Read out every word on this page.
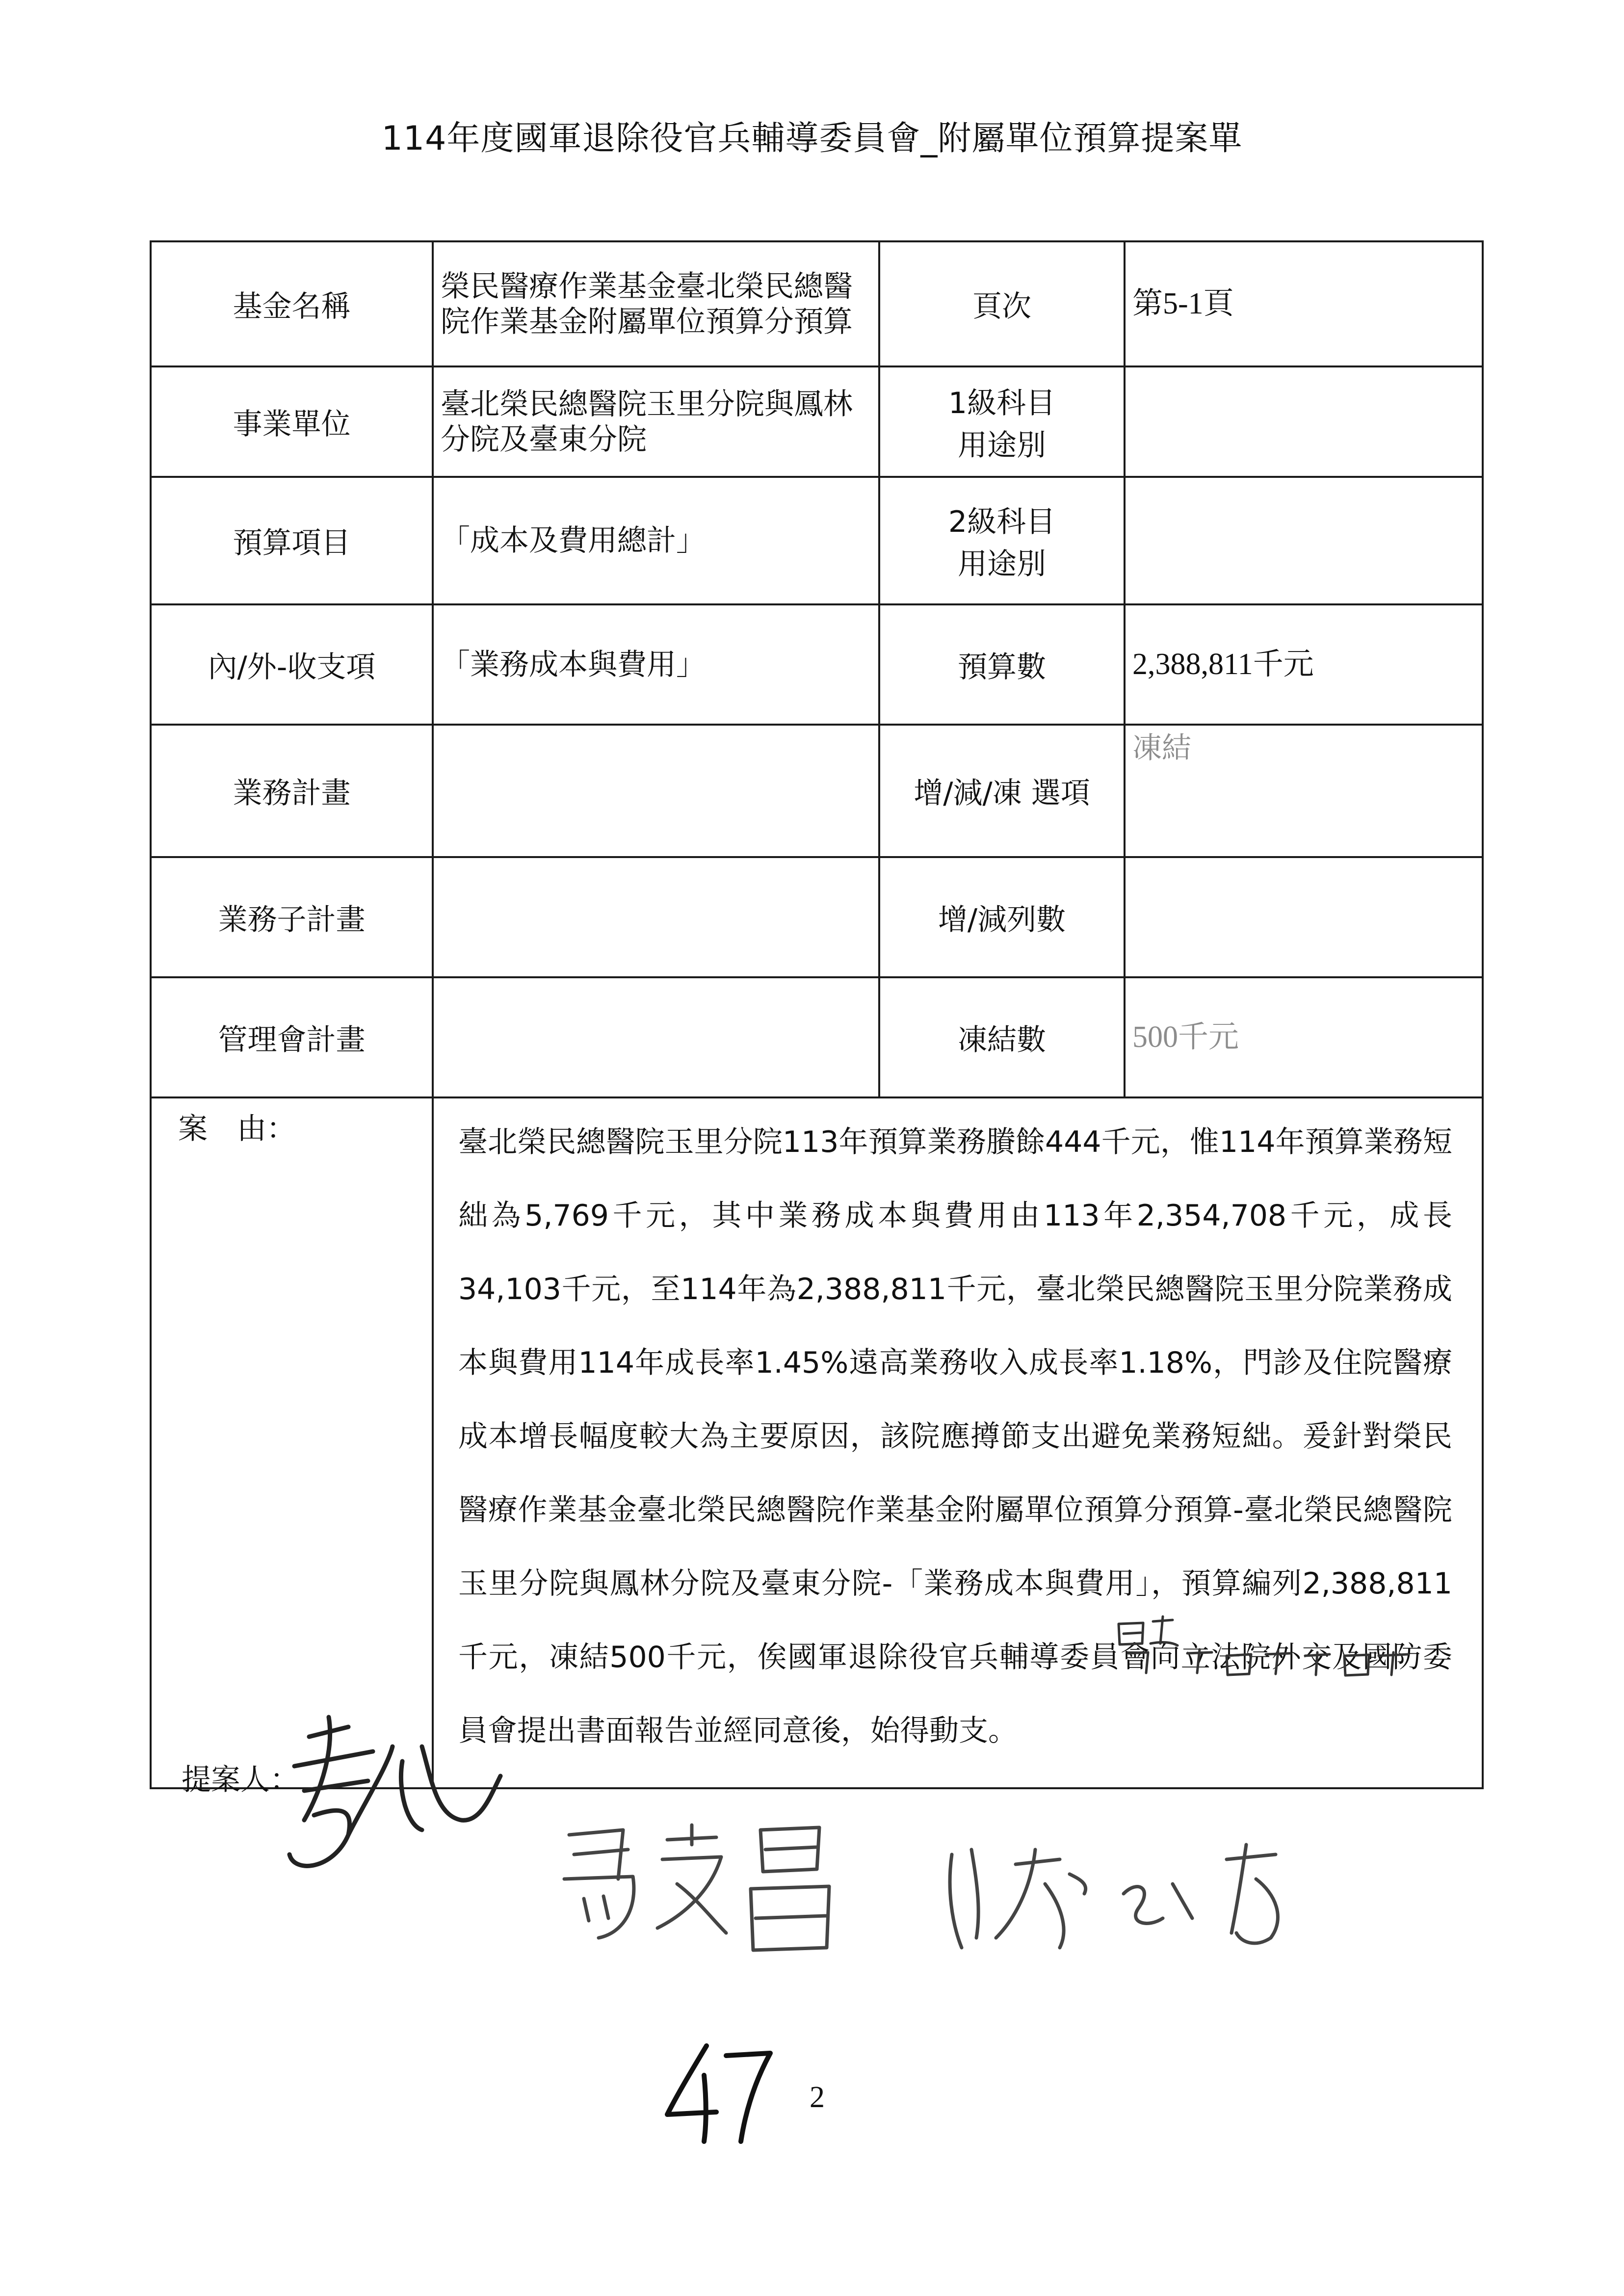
114年度國軍退除役官兵輔導委員會_附屬單位預算提案單
基金名稱	榮民醫療作業基金臺北榮民總醫院作業基金附屬單位預算分預算	頁次	第5-1頁
事業單位	臺北榮民總醫院玉里分院與鳳林分院及臺東分院	1級科目用途別	
預算項目	「成本及費用總計」	2級科目用途別	
內/外-收支項	「業務成本與費用」	預算數	2,388,811千元
業務計畫		增/減/凍 選項	凍結
業務子計畫		增/減列數	
管理會計畫		凍結數	500千元
案　由：	臺北榮民總醫院玉里分院113年預算業務賸餘444千元，惟114年預算業務短絀為5,769千元，其中業務成本與費用由113年2,354,708千元，成長34,103千元，至114年為2,388,811千元，臺北榮民總醫院玉里分院業務成本與費用114年成長率1.45%遠高業務收入成長率1.18%，門診及住院醫療成本增長幅度較大為主要原因，該院應撙節支出避免業務短絀。爰針對榮民醫療作業基金臺北榮民總醫院作業基金附屬單位預算分預算-臺北榮民總醫院玉里分院與鳳林分院及臺東分院-「業務成本與費用」，預算編列2,388,811千元，凍結500千元，俟國軍退除役官兵輔導委員會向立法院外交及國防委員會提出書面報告並經同意後，始得動支。		
提案人：
2
